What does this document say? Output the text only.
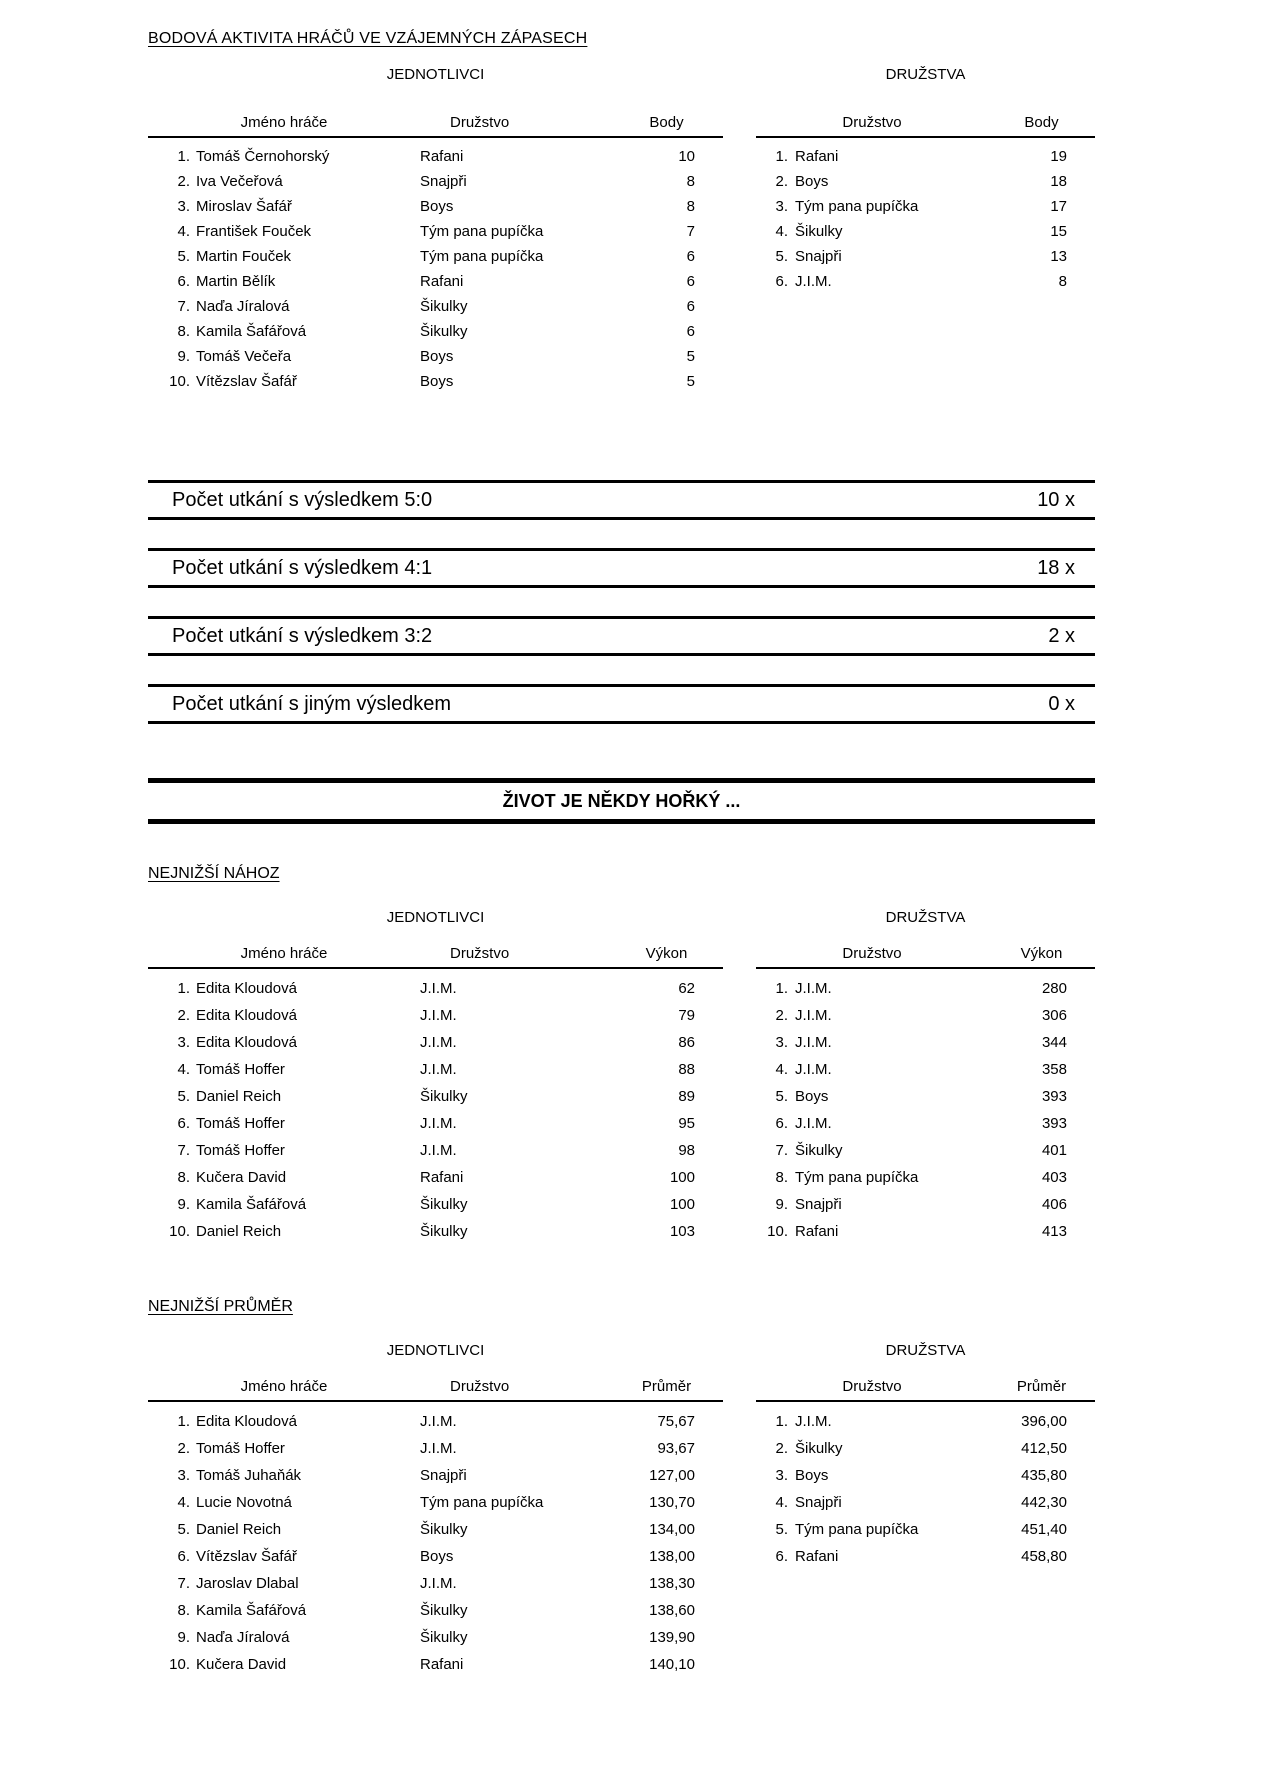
BODOVÁ AKTIVITA HRÁČŮ VE VZÁJEMNÝCH ZÁPASECH
JEDNOTLIVCI
Jméno hráče	Družstvo	Body
1. Tomáš Černohorský	Rafani	10
2. Iva Večeřová	Snajpři	8
3. Miroslav Šafář	Boys	8
4. František Fouček	Tým pana pupíčka	7
5. Martin Fouček	Tým pana pupíčka	6
6. Martin Bělík	Rafani	6
7. Naďa Jíralová	Šikulky	6
8. Kamila Šafářová	Šikulky	6
9. Tomáš Večeřa	Boys	5
10. Vítězslav Šafář	Boys	5
DRUŽSTVA
Družstvo	Body
1. Rafani	19
2. Boys	18
3. Tým pana pupíčka	17
4. Šikulky	15
5. Snajpři	13
6. J.I.M.	8
Počet utkání s výsledkem 5:0	10 x
Počet utkání s výsledkem 4:1	18 x
Počet utkání s výsledkem 3:2	2 x
Počet utkání s jiným výsledkem	0 x
ŽIVOT JE NĚKDY HOŘKÝ ...
NEJNIŽŠÍ NÁHOZ
JEDNOTLIVCI
Jméno hráče	Družstvo	Výkon
1. Edita Kloudová	J.I.M.	62
2. Edita Kloudová	J.I.M.	79
3. Edita Kloudová	J.I.M.	86
4. Tomáš Hoffer	J.I.M.	88
5. Daniel Reich	Šikulky	89
6. Tomáš Hoffer	J.I.M.	95
7. Tomáš Hoffer	J.I.M.	98
8. Kučera David	Rafani	100
9. Kamila Šafářová	Šikulky	100
10. Daniel Reich	Šikulky	103
DRUŽSTVA
Družstvo	Výkon
1. J.I.M.	280
2. J.I.M.	306
3. J.I.M.	344
4. J.I.M.	358
5. Boys	393
6. J.I.M.	393
7. Šikulky	401
8. Tým pana pupíčka	403
9. Snajpři	406
10. Rafani	413
NEJNIŽŠÍ PRŮMĚR
JEDNOTLIVCI
Jméno hráče	Družstvo	Průměr
1. Edita Kloudová	J.I.M.	75,67
2. Tomáš Hoffer	J.I.M.	93,67
3. Tomáš Juhaňák	Snajpři	127,00
4. Lucie Novotná	Tým pana pupíčka	130,70
5. Daniel Reich	Šikulky	134,00
6. Vítězslav Šafář	Boys	138,00
7. Jaroslav Dlabal	J.I.M.	138,30
8. Kamila Šafářová	Šikulky	138,60
9. Naďa Jíralová	Šikulky	139,90
10. Kučera David	Rafani	140,10
DRUŽSTVA
Družstvo	Průměr
1. J.I.M.	396,00
2. Šikulky	412,50
3. Boys	435,80
4. Snajpři	442,30
5. Tým pana pupíčka	451,40
6. Rafani	458,80
